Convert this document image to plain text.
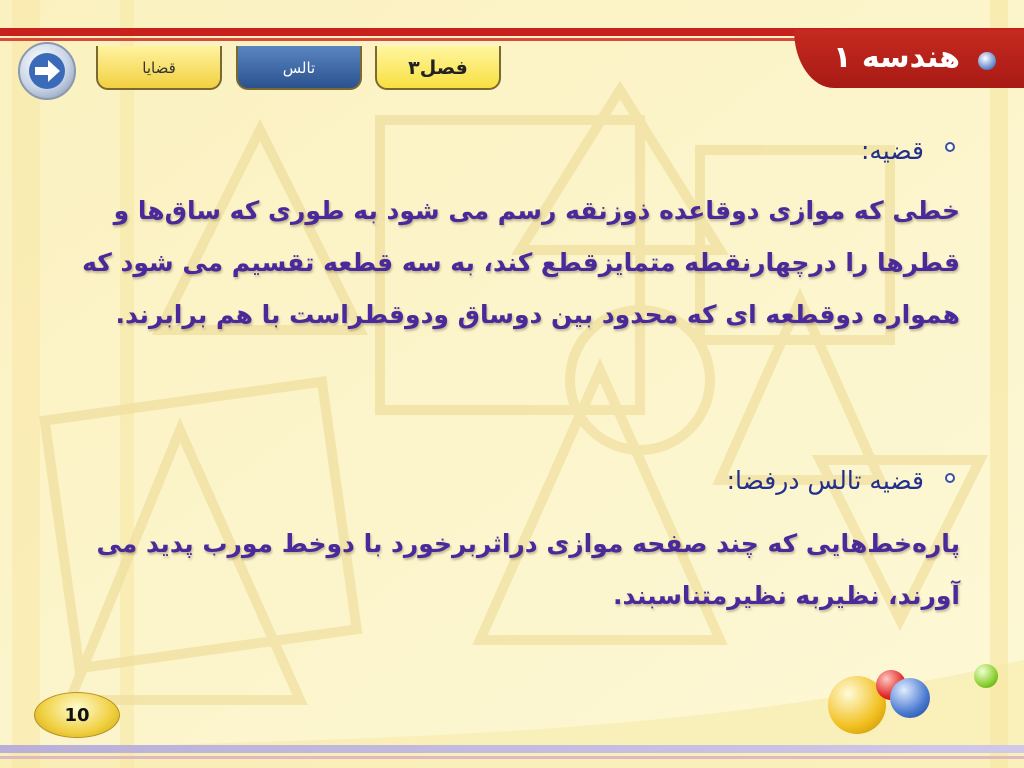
هندسه ۱
قضایا	تالس	فصل۳
قضیه:
خطی که موازی دوقاعده ذوزنقه رسم می شود به طوری که ساق‌ها و قطرها را درچهارنقطه متمایزقطع کند، به سه قطعه تقسیم می شود که همواره دوقطعه ای که محدود بین دوساق ودوقطراست با هم برابرند.
قضیه تالس درفضا:
پاره‌خط‌هایی که چند صفحه موازی دراثربرخورد با دوخط مورب پدید می آورند، نظیربه نظیرمتناسبند.
10
